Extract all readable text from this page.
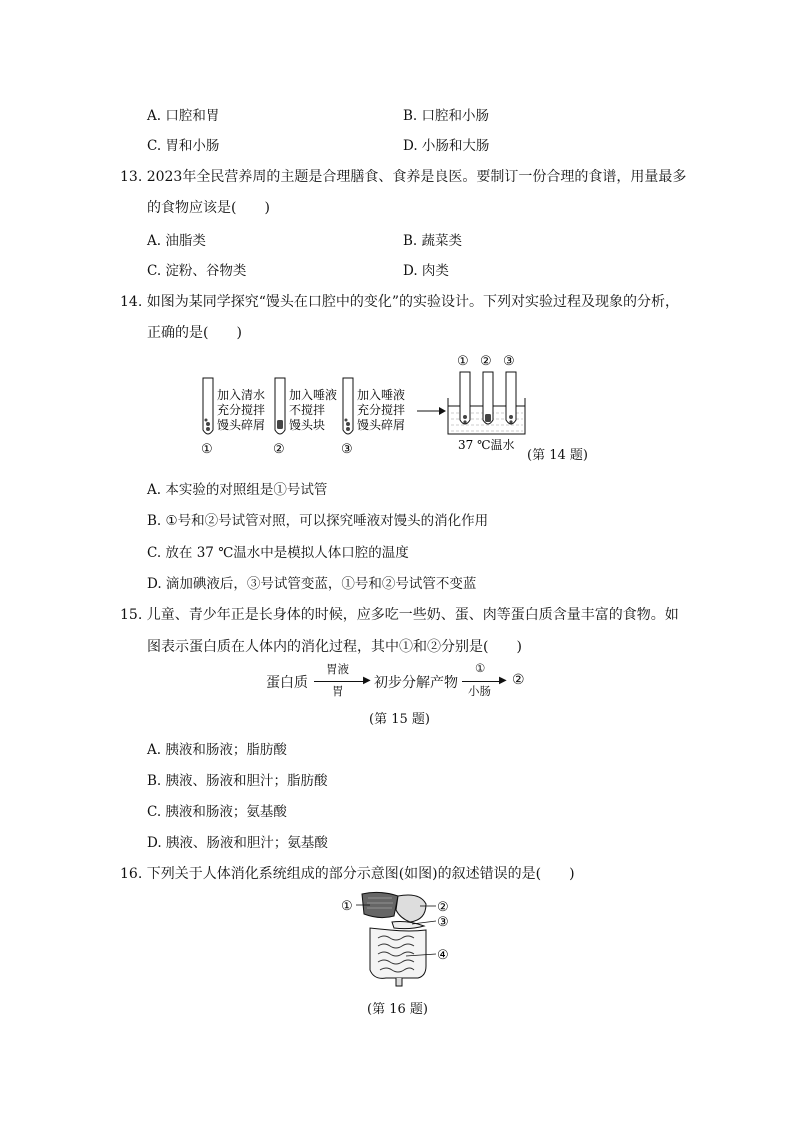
A. 口腔和胃	B. 口腔和小肠
C. 胃和小肠	D. 小肠和大肠
13. 2023年全民营养周的主题是合理膳食、食养是良医。要制订一份合理的食谱，用量最多
的食物应该是(　　)
A. 油脂类	B. 蔬菜类
C. 淀粉、谷物类	D. 肉类
14. 如图为某同学探究“馒头在口腔中的变化”的实验设计。下列对实验过程及现象的分析，
正确的是(　　)
加入清水
充分搅拌
馒头碎屑
加入唾液
不搅拌
馒头块
加入唾液
充分搅拌
馒头碎屑
①	②	③
① ② ③
37 ℃温水
(第 14 题)
A. 本实验的对照组是①号试管
B. ①号和②号试管对照，可以探究唾液对馒头的消化作用
C. 放在 37 ℃温水中是模拟人体口腔的温度
D. 滴加碘液后，③号试管变蓝，①号和②号试管不变蓝
15. 儿童、青少年正是长身体的时候，应多吃一些奶、蛋、肉等蛋白质含量丰富的食物。如
图表示蛋白质在人体内的消化过程，其中①和②分别是(　　)
蛋白质
胃液
▶
胃 初步分解产物
①
▶
小肠
②
(第 15 题)
A. 胰液和肠液；脂肪酸
B. 胰液、肠液和胆汁；脂肪酸
C. 胰液和肠液；氨基酸
D. 胰液、肠液和胆汁；氨基酸
16. 下列关于人体消化系统组成的部分示意图(如图)的叙述错误的是(　　)
①	②
③
④
(第 16 题)
